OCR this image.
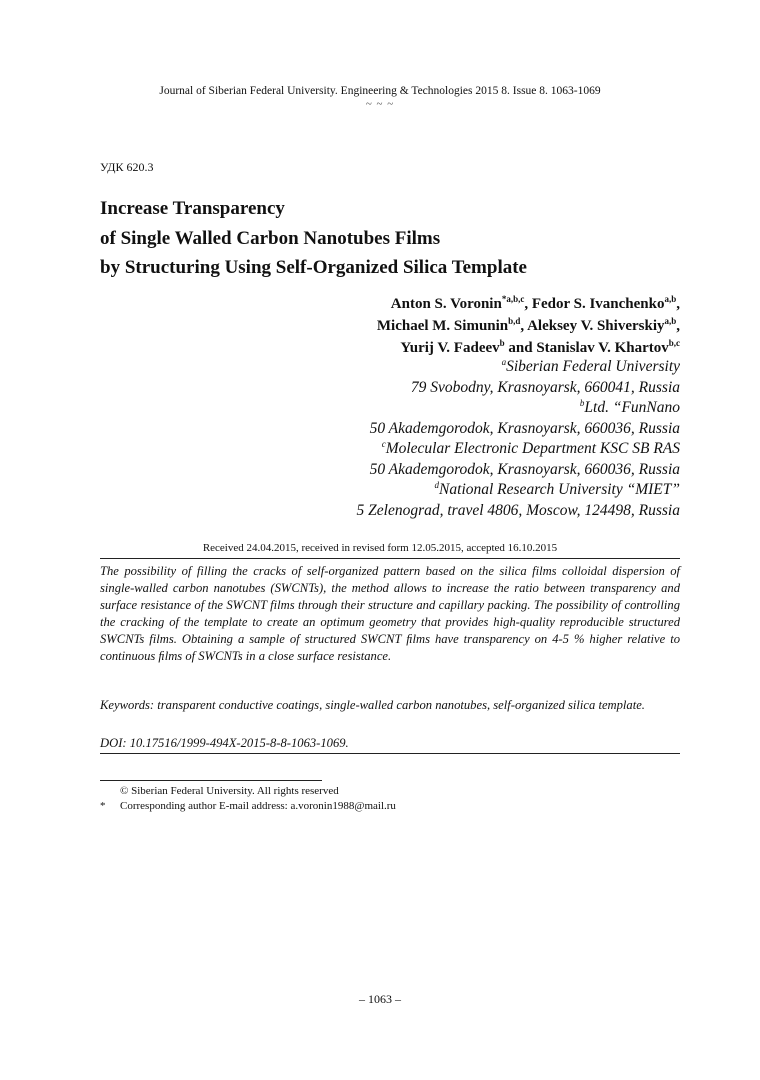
Journal of Siberian Federal University. Engineering & Technologies 2015 8. Issue 8. 1063-1069
~ ~ ~
УДК 620.3
Increase Transparency
of Single Walled Carbon Nanotubes Films
by Structuring Using Self-Organized Silica Template
Anton S. Voronin$^{*a,b,c}$, Fedor S. Ivanchenko$^{a,b}$,
Michael M. Simunin$^{b,d}$, Aleksey V. Shiverskiy$^{a,b}$,
Yurij V. Fadeev$^b$ and Stanislav V. Khartov$^{b,c}$
$^a$Siberian Federal University
79 Svobodny, Krasnoyarsk, 660041, Russia
$^b$Ltd. “FunNano
50 Akademgorodok, Krasnoyarsk, 660036, Russia
$^c$Molecular Electronic Department KSC SB RAS
50 Akademgorodok, Krasnoyarsk, 660036, Russia
$^d$National Research University “MIET”
5 Zelenograd, travel 4806, Moscow, 124498, Russia
Received 24.04.2015, received in revised form 12.05.2015, accepted 16.10.2015
The possibility of filling the cracks of self-organized pattern based on the silica films colloidal dispersion of single-walled carbon nanotubes (SWCNTs), the method allows to increase the ratio between transparency and surface resistance of the SWCNT films through their structure and capillary packing. The possibility of controlling the cracking of the template to create an optimum geometry that provides high-quality reproducible structured SWCNTs films. Obtaining a sample of structured SWCNT ﬁlms have transparency on 4-5 % higher relative to continuous ﬁlms of SWCNTs in a close surface resistance.
Keywords: transparent conductive coatings, single-walled carbon nanotubes, self-organized silica template.
DOI: 10.17516/1999-494X-2015-8-8-1063-1069.
© Siberian Federal University. All rights reserved
* Corresponding author E-mail address: a.voronin1988@mail.ru
– 1063 –
